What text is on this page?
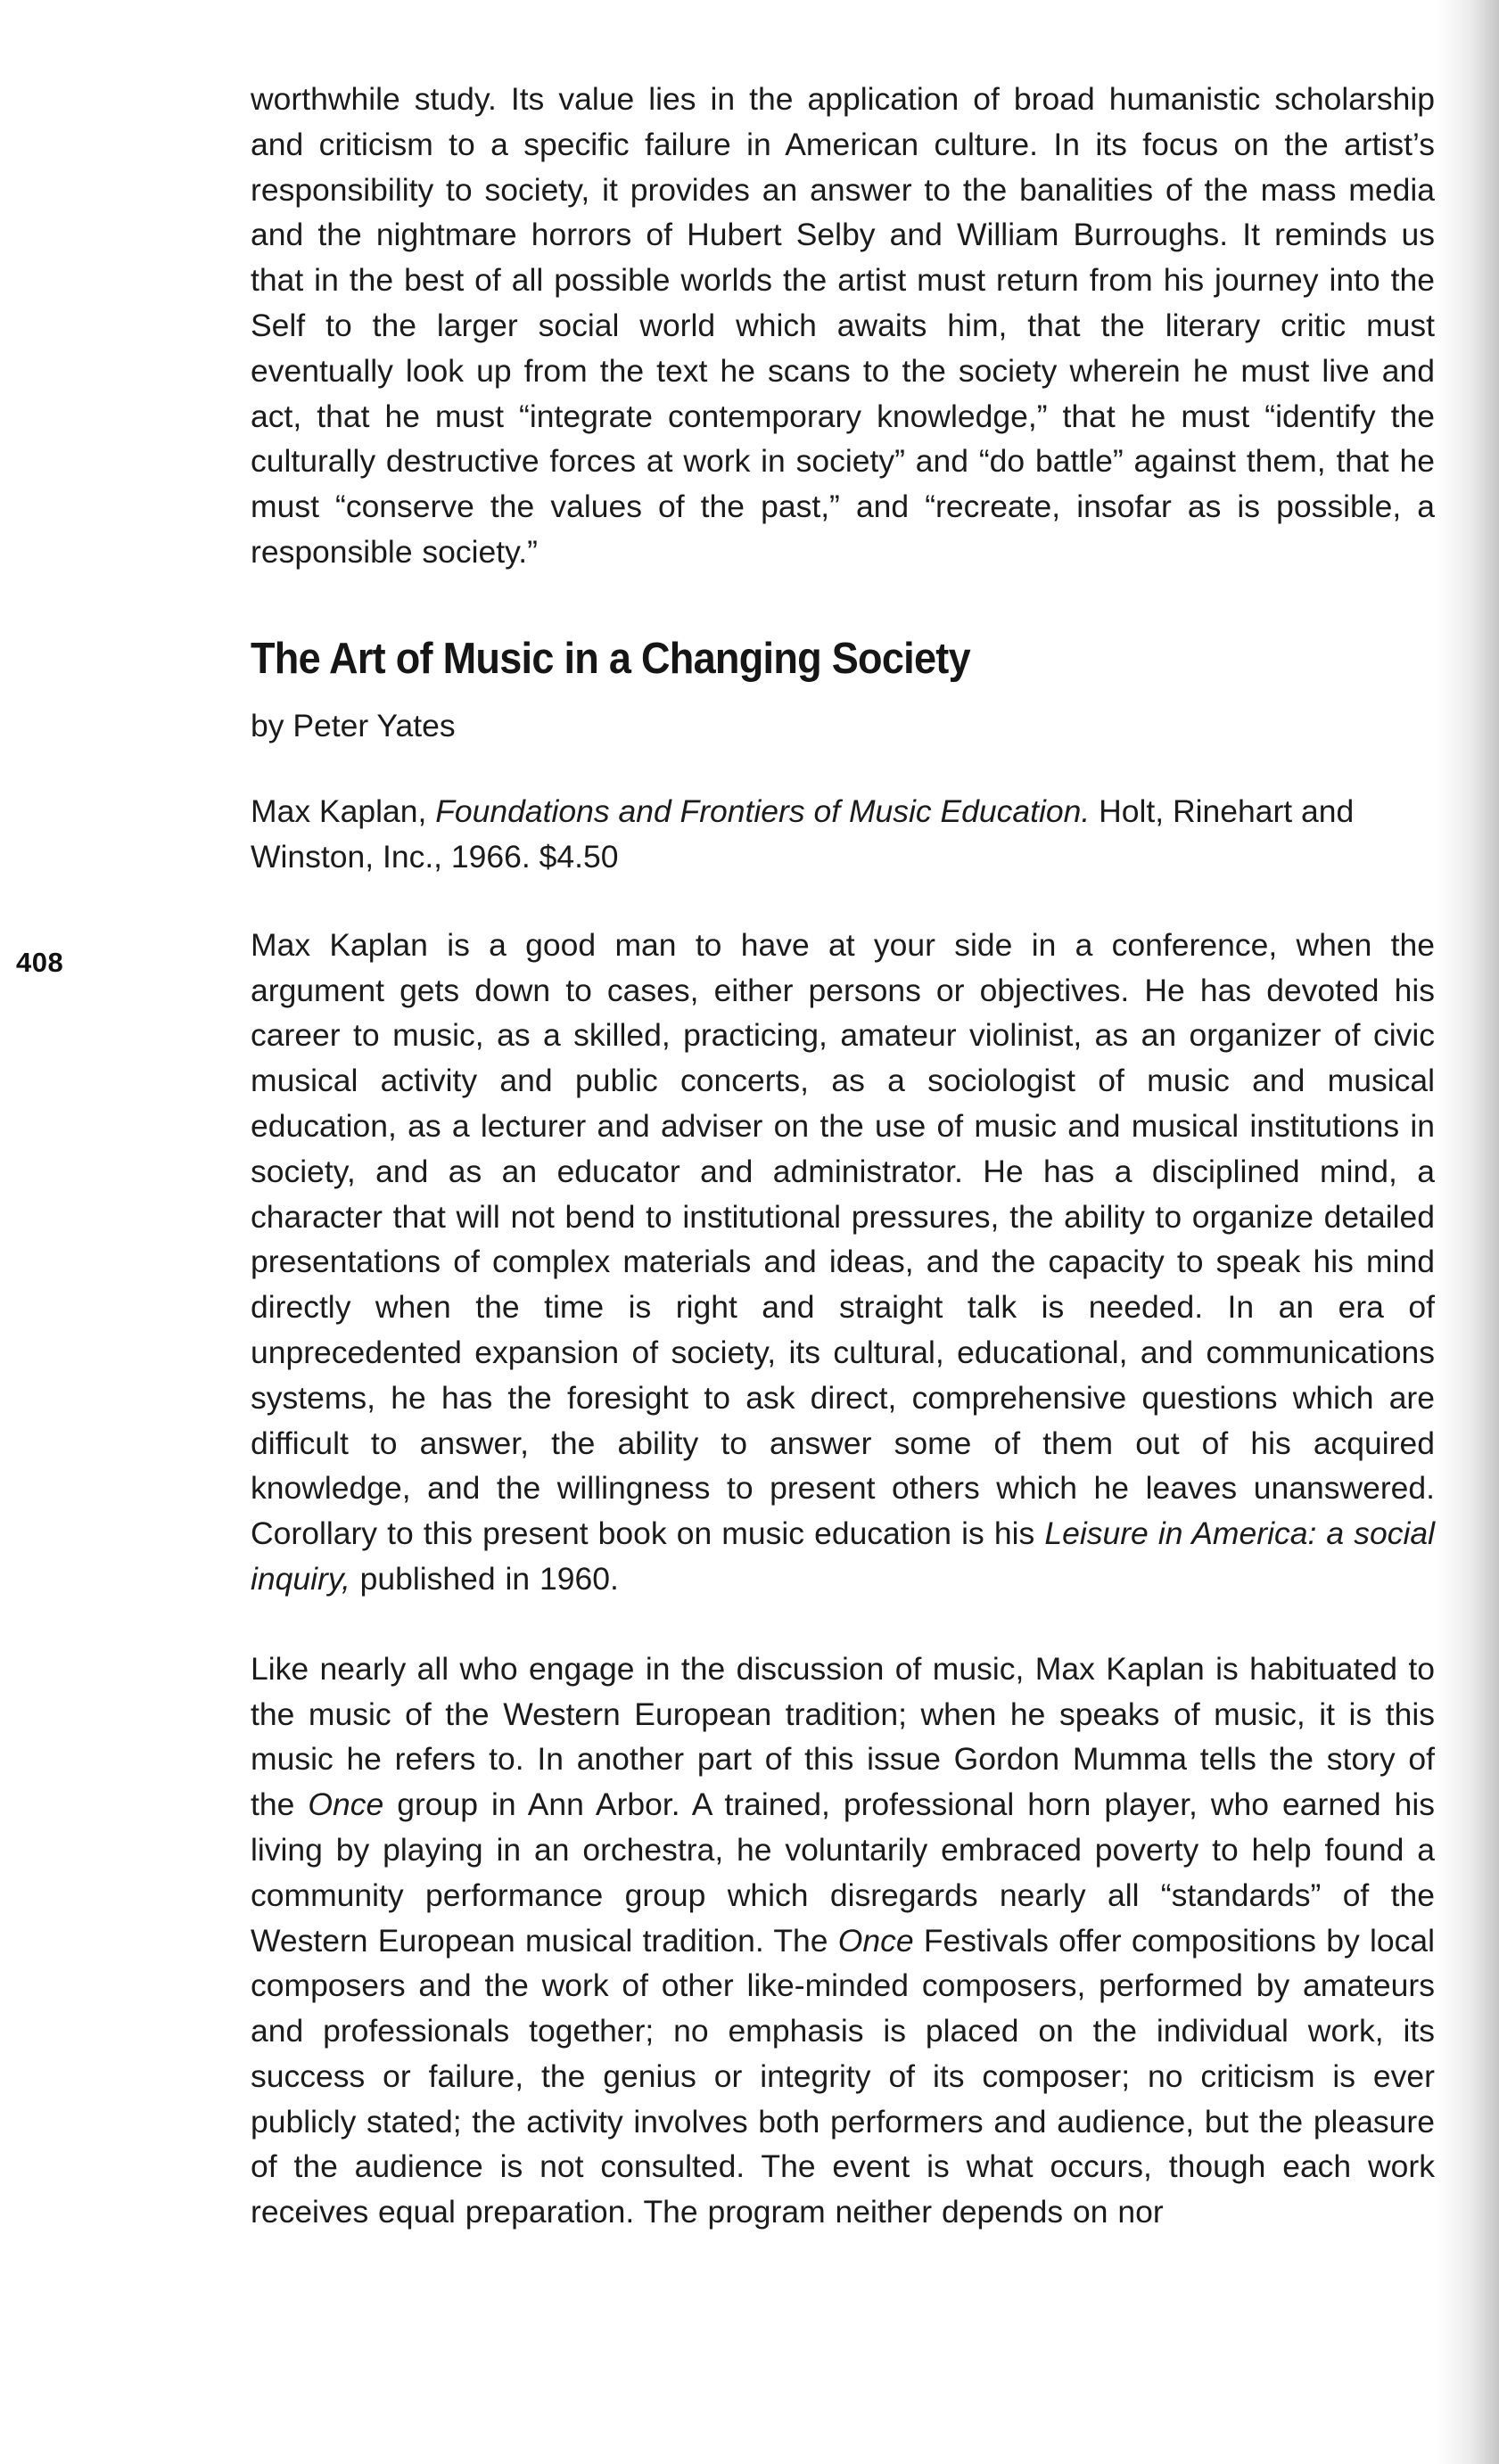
408

worthwhile study. Its value lies in the application of broad humanistic scholarship and criticism to a specific failure in American culture. In its focus on the artist’s responsibility to society, it provides an answer to the banalities of the mass media and the nightmare horrors of Hubert Selby and William Burroughs. It reminds us that in the best of all possible worlds the artist must return from his journey into the Self to the larger social world which awaits him, that the literary critic must eventually look up from the text he scans to the society wherein he must live and act, that he must “integrate contemporary knowledge,” that he must “identify the culturally destructive forces at work in society” and “do battle” against them, that he must “conserve the values of the past,” and “recreate, insofar as is possible, a responsible society.”

The Art of Music in a Changing Society

by Peter Yates

Max Kaplan, Foundations and Frontiers of Music Education. Holt, Rinehart and Winston, Inc., 1966. $4.50

Max Kaplan is a good man to have at your side in a conference, when the argument gets down to cases, either persons or objectives. He has devoted his career to music, as a skilled, practicing, amateur violinist, as an organizer of civic musical activity and public concerts, as a sociologist of music and musical education, as a lecturer and adviser on the use of music and musical institutions in society, and as an educator and administrator. He has a disciplined mind, a character that will not bend to institutional pressures, the ability to organize detailed presentations of complex materials and ideas, and the capacity to speak his mind directly when the time is right and straight talk is needed. In an era of unprecedented expansion of society, its cultural, educational, and communications systems, he has the foresight to ask direct, comprehensive questions which are difficult to answer, the ability to answer some of them out of his acquired knowledge, and the willingness to present others which he leaves unanswered. Corollary to this present book on music education is his Leisure in America: a social inquiry, published in 1960.

Like nearly all who engage in the discussion of music, Max Kaplan is habituated to the music of the Western European tradition; when he speaks of music, it is this music he refers to. In another part of this issue Gordon Mumma tells the story of the Once group in Ann Arbor. A trained, professional horn player, who earned his living by playing in an orchestra, he voluntarily embraced poverty to help found a community performance group which disregards nearly all “standards” of the Western European musical tradition. The Once Festivals offer compositions by local composers and the work of other like-minded composers, performed by amateurs and professionals together; no emphasis is placed on the individual work, its success or failure, the genius or integrity of its composer; no criticism is ever publicly stated; the activity involves both performers and audience, but the pleasure of the audience is not consulted. The event is what occurs, though each work receives equal preparation. The program neither depends on nor
